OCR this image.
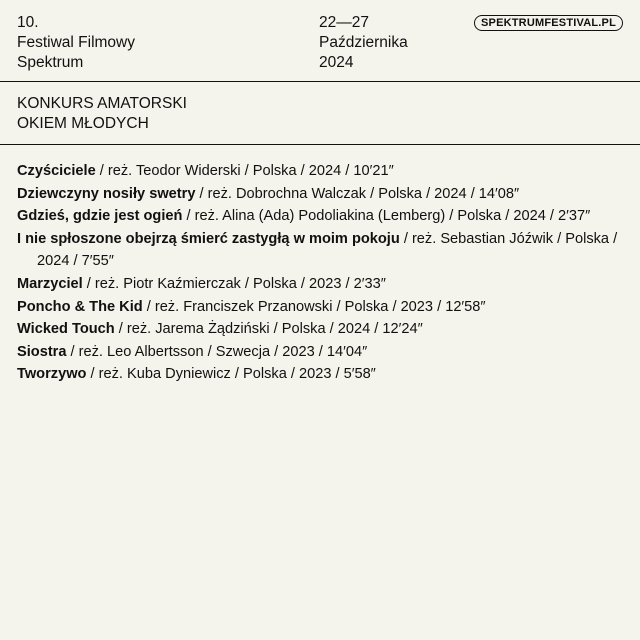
10.
Festiwal Filmowy
Spektrum
22—27
Października
2024
SPEKTRUMFESTIVAL.PL
KONKURS AMATORSKI
OKIEM MŁODYCH
Czyściciele / reż. Teodor Widerski / Polska / 2024 / 10′21″
Dziewczyny nosiły swetry / reż. Dobrochna Walczak / Polska / 2024 / 14′08″
Gdzieś, gdzie jest ogień / reż. Alina (Ada) Podoliakina (Lemberg) / Polska / 2024 / 2′37″
I nie spłoszone obejrzą śmierć zastygłą w moim pokoju / reż. Sebastian Jóźwik / Polska / 2024 / 7′55″
Marzyciel / reż. Piotr Kaźmierczak / Polska / 2023 / 2′33″
Poncho & The Kid / reż. Franciszek Przanowski / Polska / 2023 / 12′58″
Wicked Touch / reż. Jarema Żądziński / Polska / 2024 / 12′24″
Siostra / reż. Leo Albertsson / Szwecja / 2023 / 14′04″
Tworzywo / reż. Kuba Dyniewicz / Polska / 2023 / 5′58″
